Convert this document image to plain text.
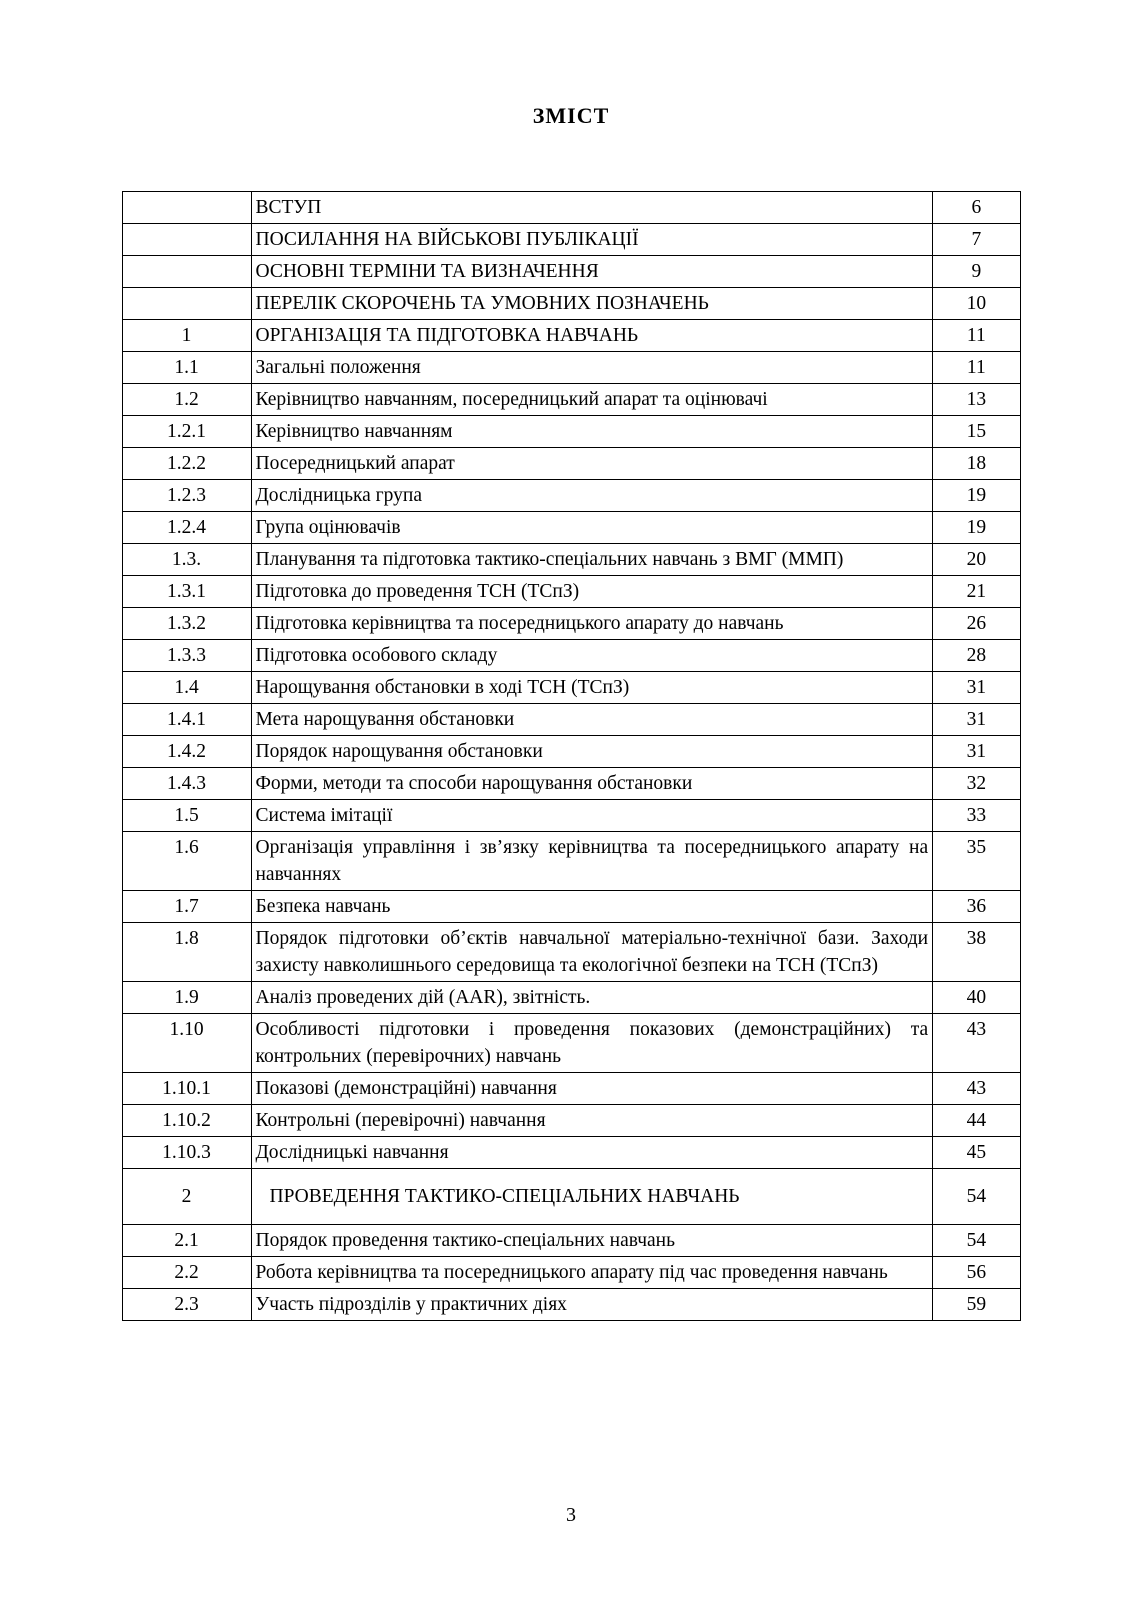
ЗМІСТ
	ВСТУП	6
	ПОСИЛАННЯ НА ВІЙСЬКОВІ ПУБЛІКАЦІЇ	7
	ОСНОВНІ ТЕРМІНИ ТА ВИЗНАЧЕННЯ	9
	ПЕРЕЛІК СКОРОЧЕНЬ ТА УМОВНИХ ПОЗНАЧЕНЬ	10
1	ОРГАНІЗАЦІЯ ТА ПІДГОТОВКА НАВЧАНЬ	11
1.1	Загальні положення	11
1.2	Керівництво навчанням, посередницький апарат та оцінювачі	13
1.2.1	Керівництво навчанням	15
1.2.2	Посередницький апарат	18
1.2.3	Дослідницька група	19
1.2.4	Група оцінювачів	19
1.3.	Планування та підготовка тактико-спеціальних навчань з ВМГ (ММП)	20
1.3.1	Підготовка до проведення ТСН (ТСпЗ)	21
1.3.2	Підготовка керівництва та посередницького апарату до навчань	26
1.3.3	Підготовка особового складу	28
1.4	Нарощування обстановки в ході ТСН (ТСпЗ)	31
1.4.1	Мета нарощування обстановки	31
1.4.2	Порядок нарощування обстановки	31
1.4.3	Форми, методи та способи нарощування обстановки	32
1.5	Система імітації	33
1.6	Організація управління і зв’язку керівництва та посередницького апарату на навчаннях	35
1.7	Безпека навчань	36
1.8	Порядок підготовки об’єктів навчальної матеріально-технічної бази. Заходи захисту навколишнього середовища та екологічної безпеки на ТСН (ТСпЗ)	38
1.9	Аналіз проведених дій (AAR), звітність.	40
1.10	Особливості підготовки і проведення показових (демонстраційних) та контрольних (перевірочних) навчань	43
1.10.1	Показові (демонстраційні) навчання	43
1.10.2	Контрольні (перевірочні) навчання	44
1.10.3	Дослідницькі навчання	45
2	ПРОВЕДЕННЯ ТАКТИКО-СПЕЦІАЛЬНИХ НАВЧАНЬ	54
2.1	Порядок проведення тактико-спеціальних навчань	54
2.2	Робота керівництва та посередницького апарату під час проведення навчань	56
2.3	Участь підрозділів у практичних діях	59
3
